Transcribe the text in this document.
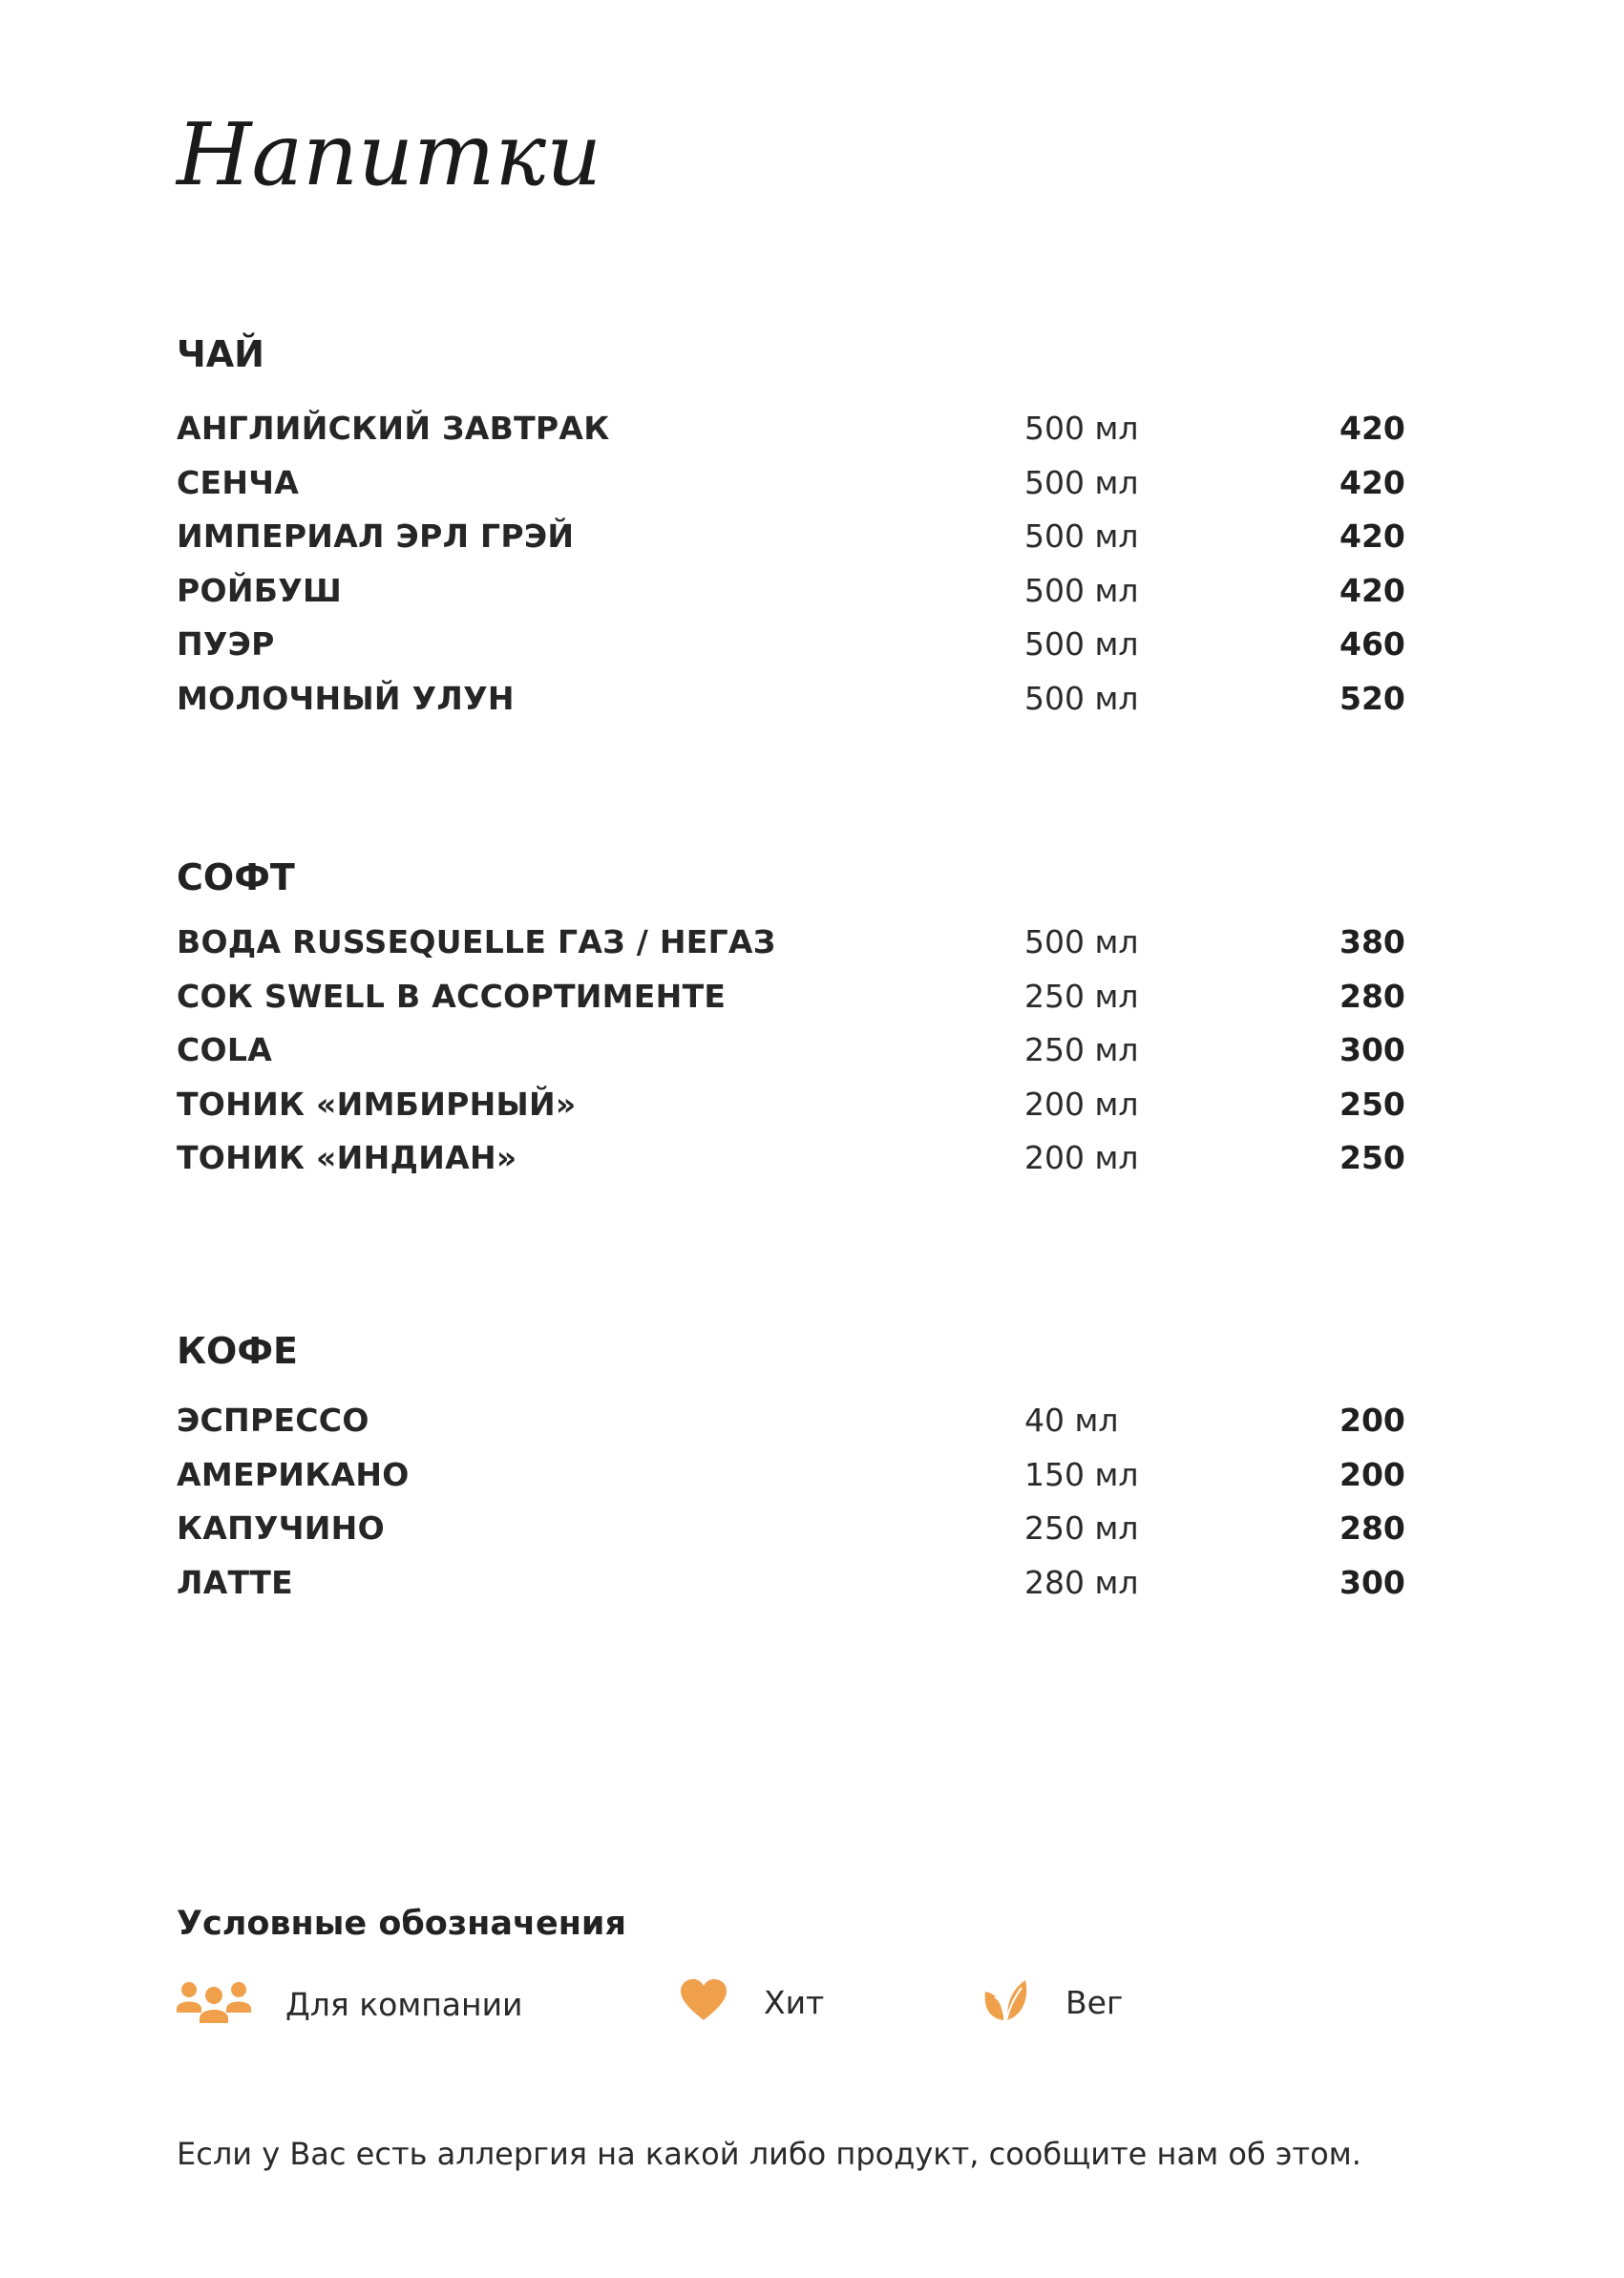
Напитки
ЧАЙ
АНГЛИЙСКИЙ ЗАВТРАК	500 мл	420
СЕНЧА	500 мл	420
ИМПЕРИАЛ ЭРЛ ГРЭЙ	500 мл	420
РОЙБУШ	500 мл	420
ПУЭР	500 мл	460
МОЛОЧНЫЙ УЛУН	500 мл	520
СОФТ
ВОДА RUSSEQUELLE ГАЗ / НЕГАЗ	500 мл	380
СОК SWELL В АССОРТИМЕНТЕ	250 мл	280
COLA	250 мл	300
ТОНИК «ИМБИРНЫЙ»	200 мл	250
ТОНИК «ИНДИАН»	200 мл	250
КОФЕ
ЭСПРЕССО	40 мл	200
АМЕРИКАНО	150 мл	200
КАПУЧИНО	250 мл	280
ЛАТТЕ	280 мл	300
Условные обозначения
Для компании	Хит	Вег
Если у Вас есть аллергия на какой либо продукт, сообщите нам об этом.
